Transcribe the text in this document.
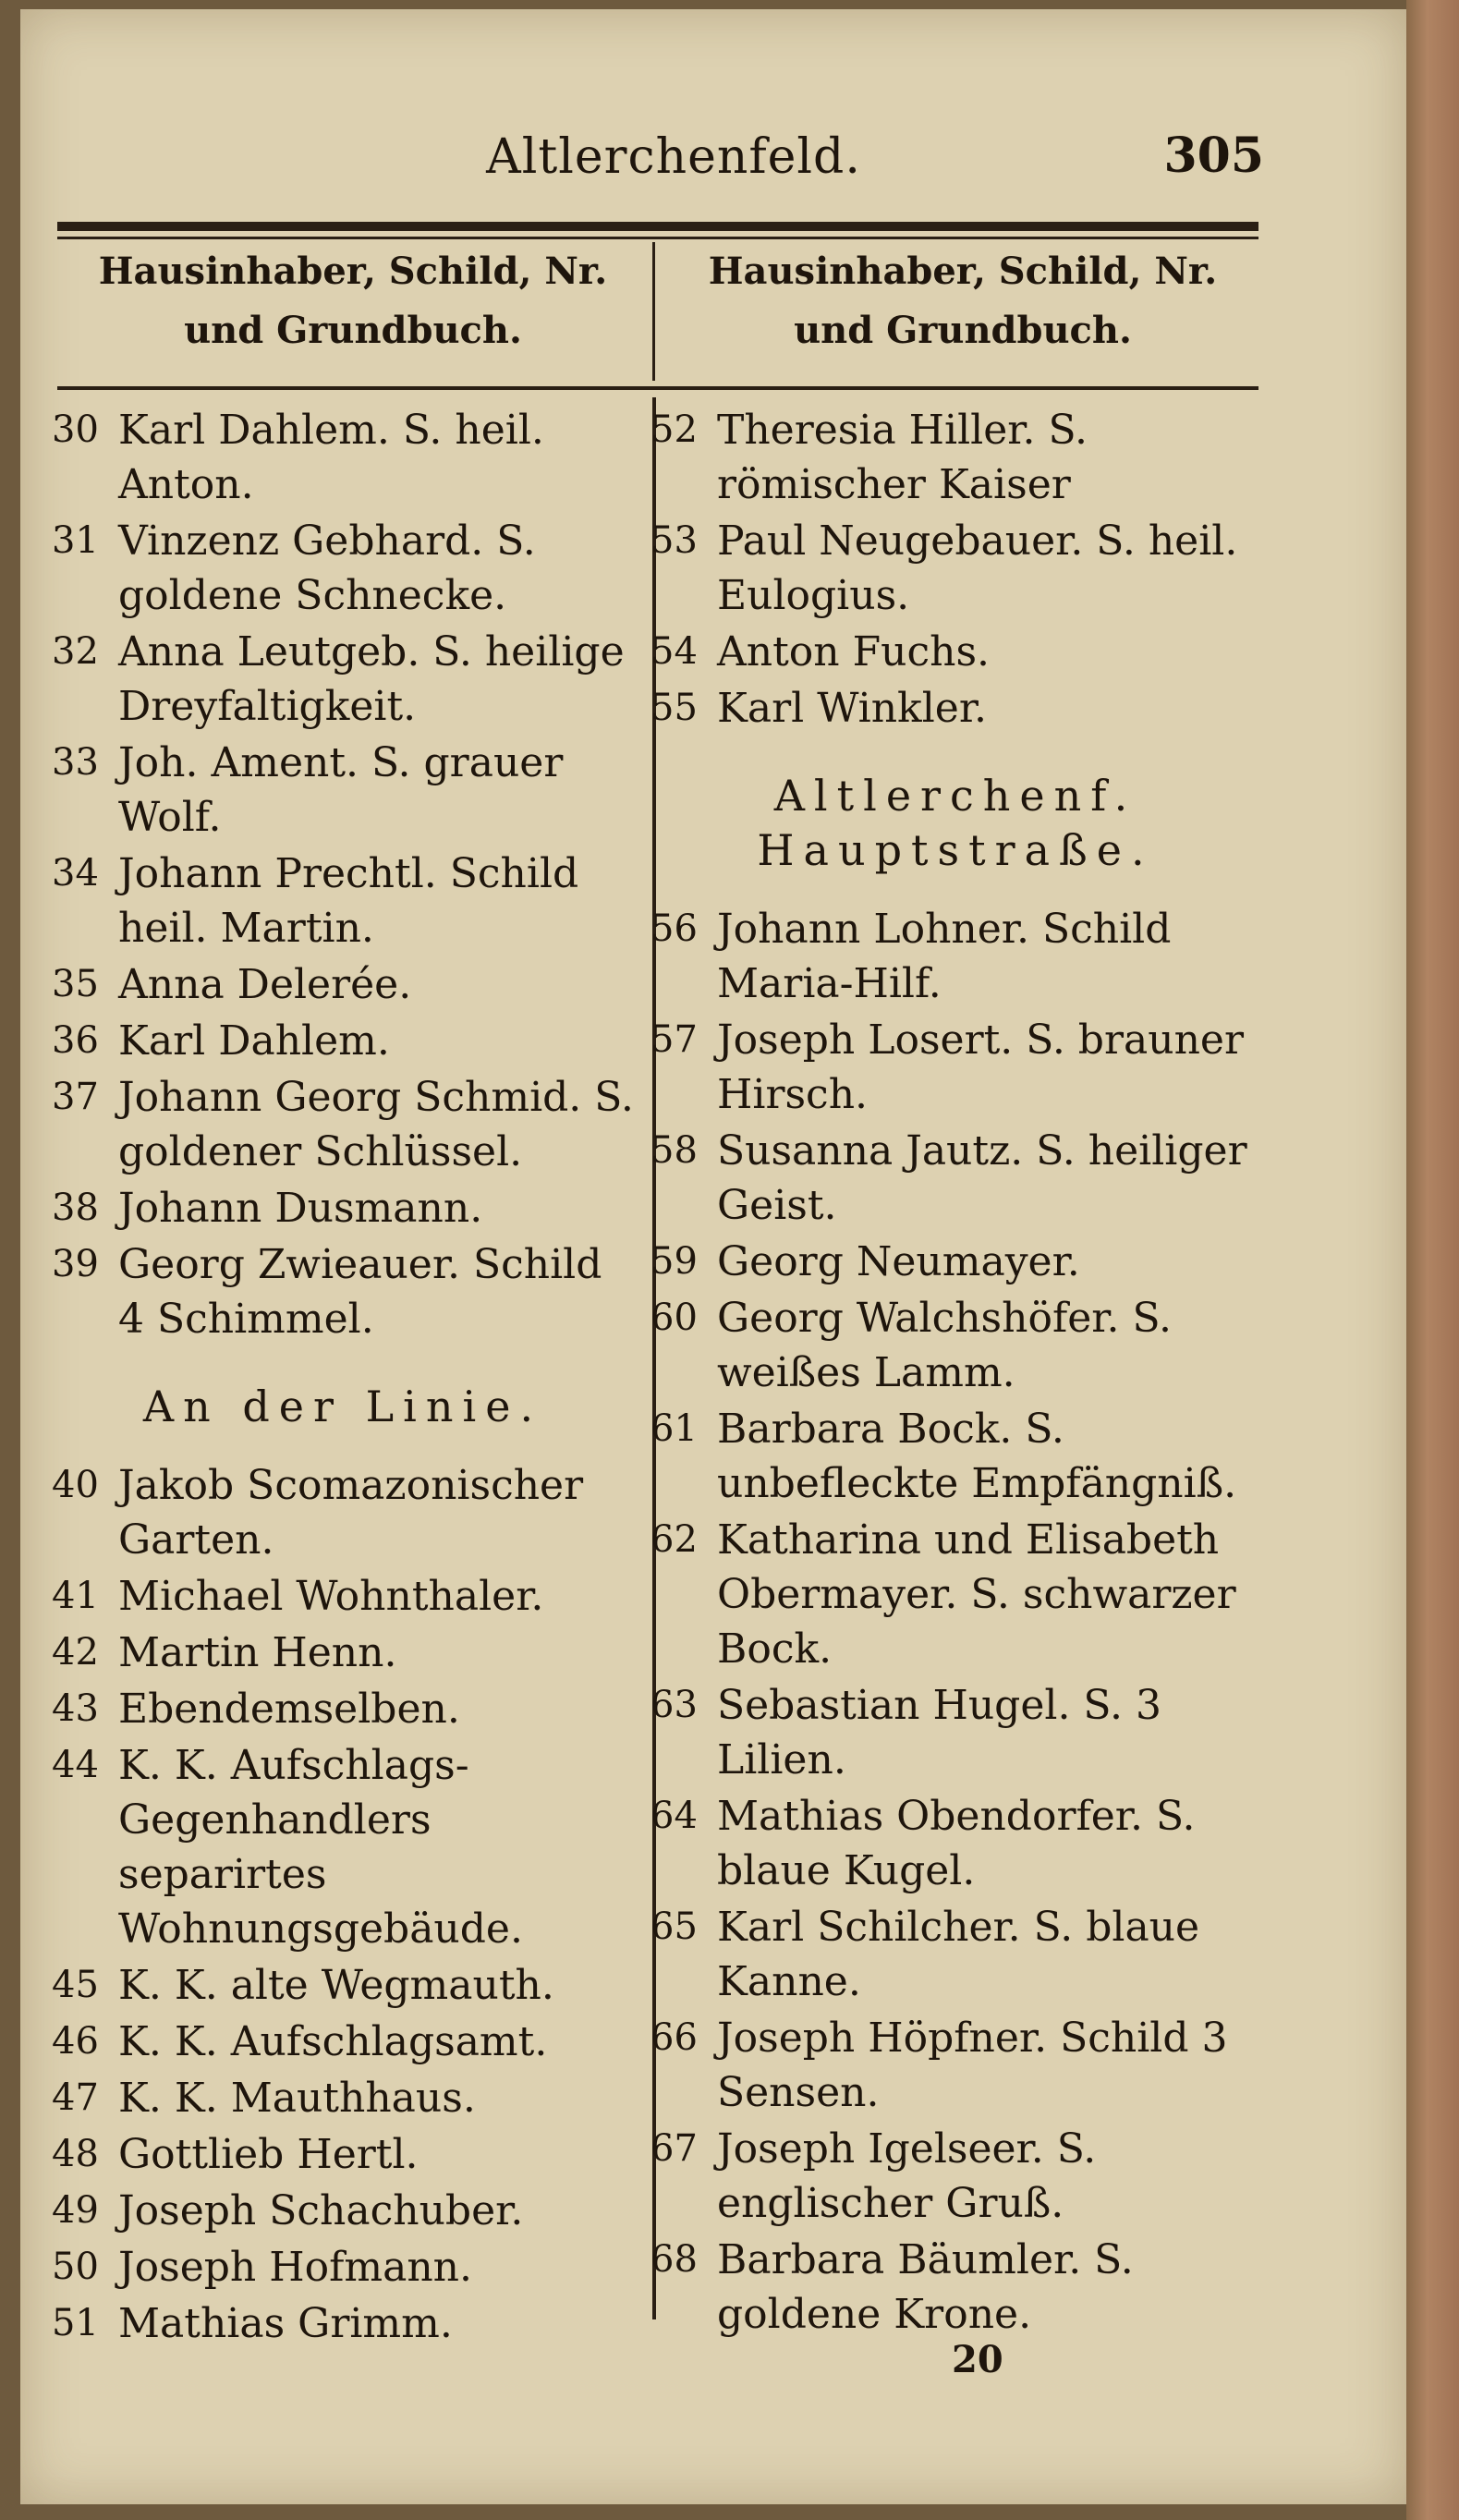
Altlerchenfeld.	305
Hausinhaber, Schild, Nr. und Grundbuch.
Hausinhaber, Schild, Nr. und Grundbuch.
30 Karl Dahlem. S. heil. Anton.
31 Vinzenz Gebhard. S. goldene Schnecke.
32 Anna Leutgeb. S. heilige Dreyfaltigkeit.
33 Joh. Ament. S. grauer Wolf.
34 Johann Prechtl. Schild heil. Martin.
35 Anna Delerée.
36 Karl Dahlem.
37 Johann Georg Schmid. S. goldener Schlüssel.
38 Johann Dusmann.
39 Georg Zwieauer. Schild 4 Schimmel.
An der Linie.
40 Jakob Scomazonischer Garten.
41 Michael Wohnthaler.
42 Martin Henn.
43 Ebendemselben.
44 K. K. Aufschlags-Gegenhandlers separirtes Wohnungsgebäude.
45 K. K. alte Wegmauth.
46 K. K. Aufschlagsamt.
47 K. K. Mauthhaus.
48 Gottlieb Hertl.
49 Joseph Schachuber.
50 Joseph Hofmann.
51 Mathias Grimm.
52 Theresia Hiller. S. römischer Kaiser
53 Paul Neugebauer. S. heil. Eulogius.
54 Anton Fuchs.
55 Karl Winkler.
Altlerchenf. Hauptstraße.
56 Johann Lohner. Schild Maria-Hilf.
57 Joseph Losert. S. brauner Hirsch.
58 Susanna Jautz. S. heiliger Geist.
59 Georg Neumayer.
60 Georg Walchshöfer. S. weißes Lamm.
61 Barbara Bock. S. unbefleckte Empfängniß.
62 Katharina und Elisabeth Obermayer. S. schwarzer Bock.
63 Sebastian Hugel. S. 3 Lilien.
64 Mathias Obendorfer. S. blaue Kugel.
65 Karl Schilcher. S. blaue Kanne.
66 Joseph Höpfner. Schild 3 Sensen.
67 Joseph Igelseer. S. englischer Gruß.
68 Barbara Bäumler. S. goldene Krone.
20
